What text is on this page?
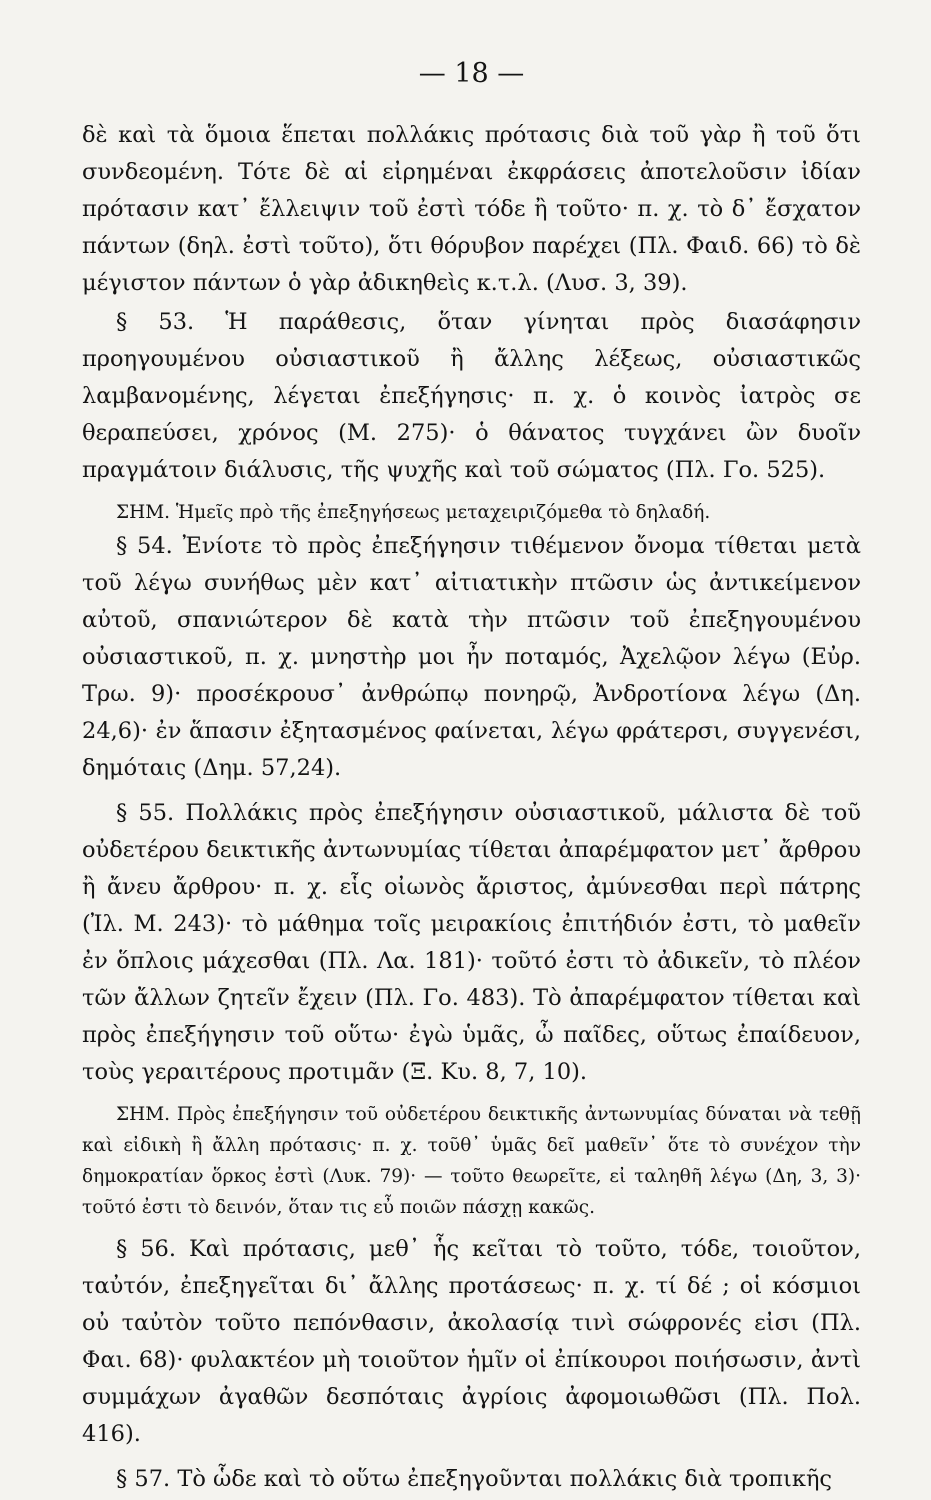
— 18 —

δὲ καὶ τὰ ὅμοια ἕπεται πολλάκις πρότασις διὰ τοῦ γὰρ ἢ τοῦ ὅτι συνδεομένη. Τότε δὲ αἱ εἰρημέναι ἐκφράσεις ἀποτελοῦσιν ἰδίαν πρότασιν κατ᾽ ἔλλειψιν τοῦ ἐστὶ τόδε ἢ τοῦτο· π. χ. τὸ δ᾽ ἔσχατον πάντων (δηλ. ἐστὶ τοῦτο), ὅτι θόρυβον παρέχει (Πλ. Φαιδ. 66) τὸ δὲ μέγιστον πάντων ὁ γὰρ ἀδικηθεὶς κ.τ.λ. (Λυσ. 3, 39).

§ 53. Ἡ παράθεσις, ὅταν γίνηται πρὸς διασάφησιν προηγουμένου οὐσιαστικοῦ ἢ ἄλλης λέξεως, οὐσιαστικῶς λαμβανομένης, λέγεται ἐπεξήγησις· π. χ. ὁ κοινὸς ἰατρὸς σε θεραπεύσει, χρόνος (Μ. 275)· ὁ θάνατος τυγχάνει ὢν δυοῖν πραγμάτοιν διάλυσις, τῆς ψυχῆς καὶ τοῦ σώματος (Πλ. Γο. 525).

ΣΗΜ. Ἡμεῖς πρὸ τῆς ἐπεξηγήσεως μεταχειριζόμεθα τὸ δηλαδή.

§ 54. Ἐνίοτε τὸ πρὸς ἐπεξήγησιν τιθέμενον ὄνομα τίθεται μετὰ τοῦ λέγω συνήθως μὲν κατ᾽ αἰτιατικὴν πτῶσιν ὡς ἀντικείμενον αὐτοῦ, σπανιώτερον δὲ κατὰ τὴν πτῶσιν τοῦ ἐπεξηγουμένου οὐσιαστικοῦ, π. χ. μνηστὴρ μοι ἦν ποταμός, Ἀχελῷον λέγω (Εὐρ. Τρω. 9)· προσέκρουσ᾽ ἀνθρώπῳ πονηρῷ, Ἀνδροτίονα λέγω (Δη. 24,6)· ἐν ἅπασιν ἐξητασμένος φαίνεται, λέγω φράτερσι, συγγενέσι, δημόταις (Δημ. 57,24).

§ 55. Πολλάκις πρὸς ἐπεξήγησιν οὐσιαστικοῦ, μάλιστα δὲ τοῦ οὐδετέρου δεικτικῆς ἀντωνυμίας τίθεται ἀπαρέμφατον μετ᾽ ἄρθρου ἢ ἄνευ ἄρθρου· π. χ. εἷς οἰωνὸς ἄριστος, ἀμύνεσθαι περὶ πάτρης (Ἰλ. Μ. 243)· τὸ μάθημα τοῖς μειρακίοις ἐπιτήδιόν ἐστι, τὸ μαθεῖν ἐν ὅπλοις μάχεσθαι (Πλ. Λα. 181)· τοῦτό ἐστι τὸ ἀδικεῖν, τὸ πλέον τῶν ἄλλων ζητεῖν ἔχειν (Πλ. Γο. 483). Τὸ ἀπαρέμφατον τίθεται καὶ πρὸς ἐπεξήγησιν τοῦ οὕτω· ἐγὼ ὑμᾶς, ὦ παῖδες, οὕτως ἐπαίδευον, τοὺς γεραιτέρους προτιμᾶν (Ξ. Κυ. 8, 7, 10).

ΣΗΜ. Πρὸς ἐπεξήγησιν τοῦ οὐδετέρου δεικτικῆς ἀντωνυμίας δύναται νὰ τεθῇ καὶ εἰδικὴ ἢ ἄλλη πρότασις· π. χ. τοῦθ᾽ ὑμᾶς δεῖ μαθεῖν᾽ ὅτε τὸ συνέχον τὴν δημοκρατίαν ὅρκος ἐστὶ (Λυκ. 79)· — τοῦτο θεωρεῖτε, εἰ ταληθῆ λέγω (Δη, 3, 3)· τοῦτό ἐστι τὸ δεινόν, ὅταν τις εὖ ποιῶν πάσχῃ κακῶς.

§ 56. Καὶ πρότασις, μεθ᾽ ἧς κεῖται τὸ τοῦτο, τόδε, τοιοῦτον, ταὐτόν, ἐπεξηγεῖται δι᾽ ἄλλης προτάσεως· π. χ. τί δέ ; οἱ κόσμιοι οὐ ταὐτὸν τοῦτο πεπόνθασιν, ἀκολασίᾳ τινὶ σώφρονές εἰσι (Πλ. Φαι. 68)· φυλακτέον μὴ τοιοῦτον ἡμῖν οἱ ἐπίκουροι ποιήσωσιν, ἀντὶ συμμάχων ἀγαθῶν δεσπόταις ἀγρίοις ἀφομοιωθῶσι (Πλ. Πολ. 416).

§ 57. Τὸ ὧδε καὶ τὸ οὕτω ἐπεξηγοῦνται πολλάκις διὰ τροπικῆς
